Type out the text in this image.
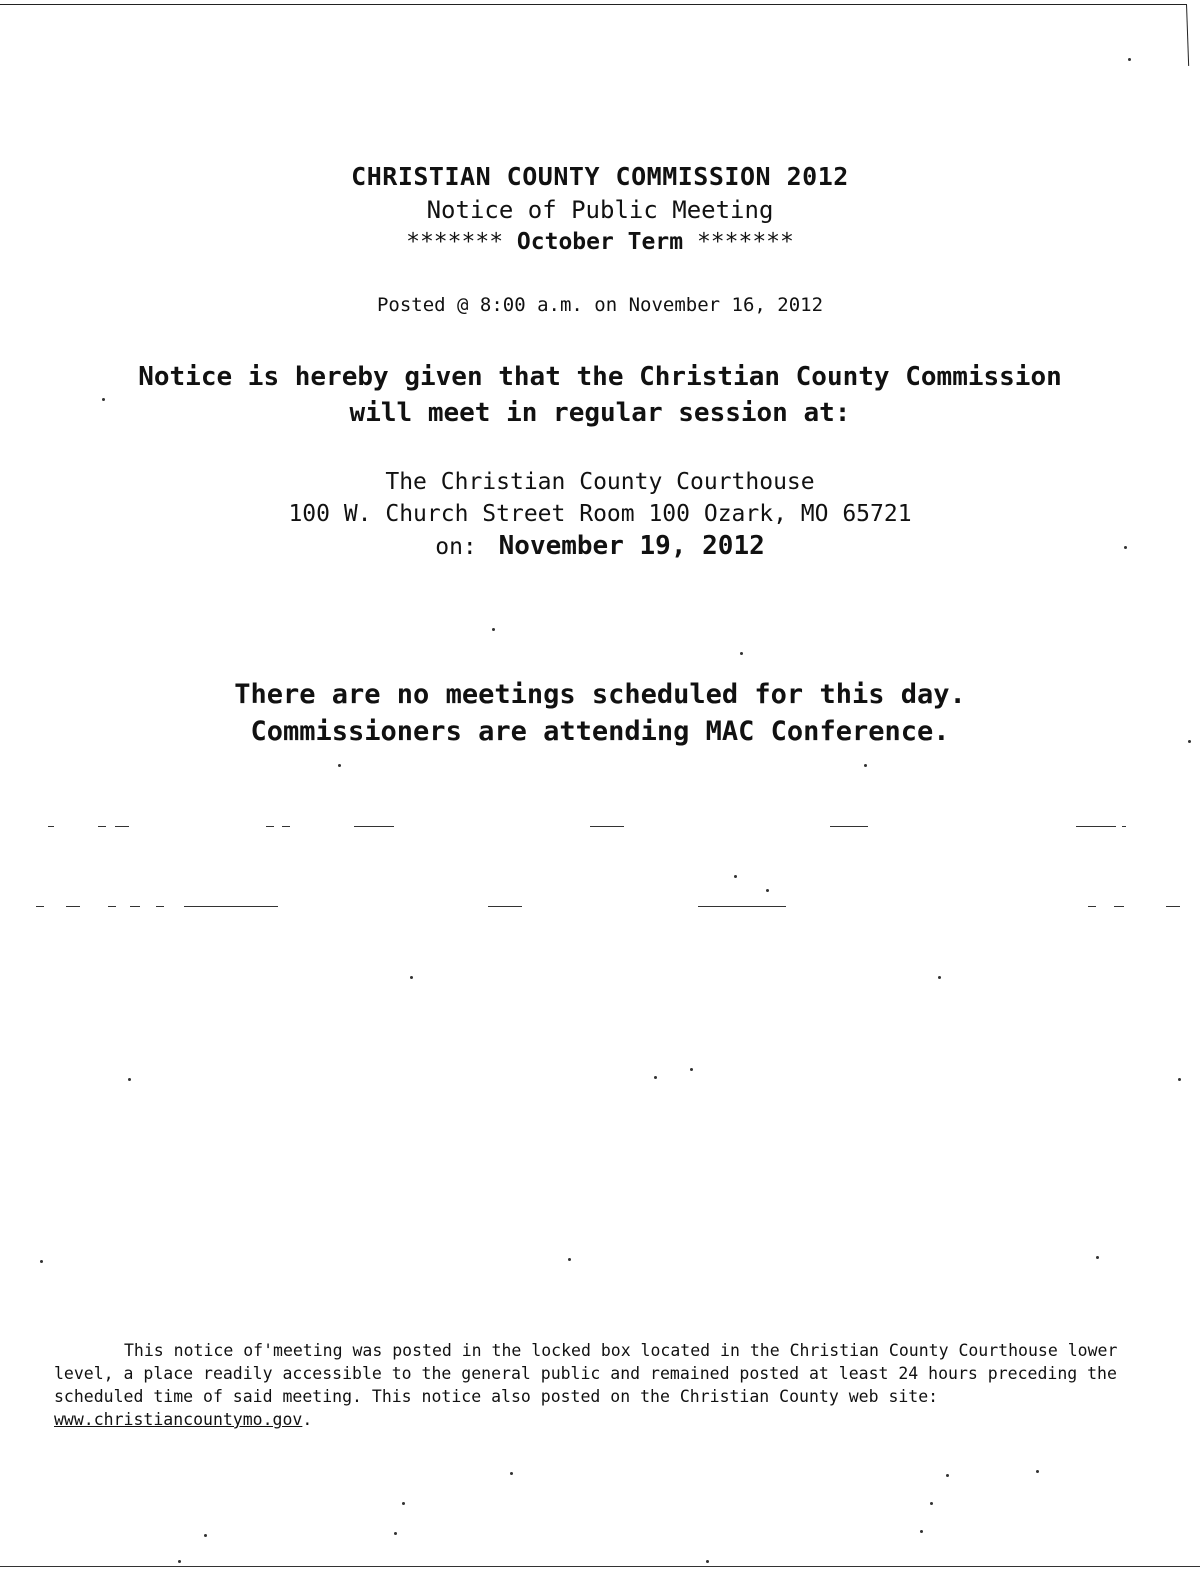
CHRISTIAN COUNTY COMMISSION 2012
Notice of Public Meeting
******* October Term *******
Posted @ 8:00 a.m. on November 16, 2012
Notice is hereby given that the Christian County Commission
will meet in regular session at:
The Christian County Courthouse
100 W. Church Street Room 100 Ozark, MO 65721
on: November 19, 2012
There are no meetings scheduled for this day.
Commissioners are attending MAC Conference.
This notice of'meeting was posted in the locked box located in the Christian County Courthouse lower level, a place readily accessible to the general public and remained posted at least 24 hours preceding the scheduled time of said meeting. This notice also posted on the Christian County web site: www.christiancountymo.gov.
